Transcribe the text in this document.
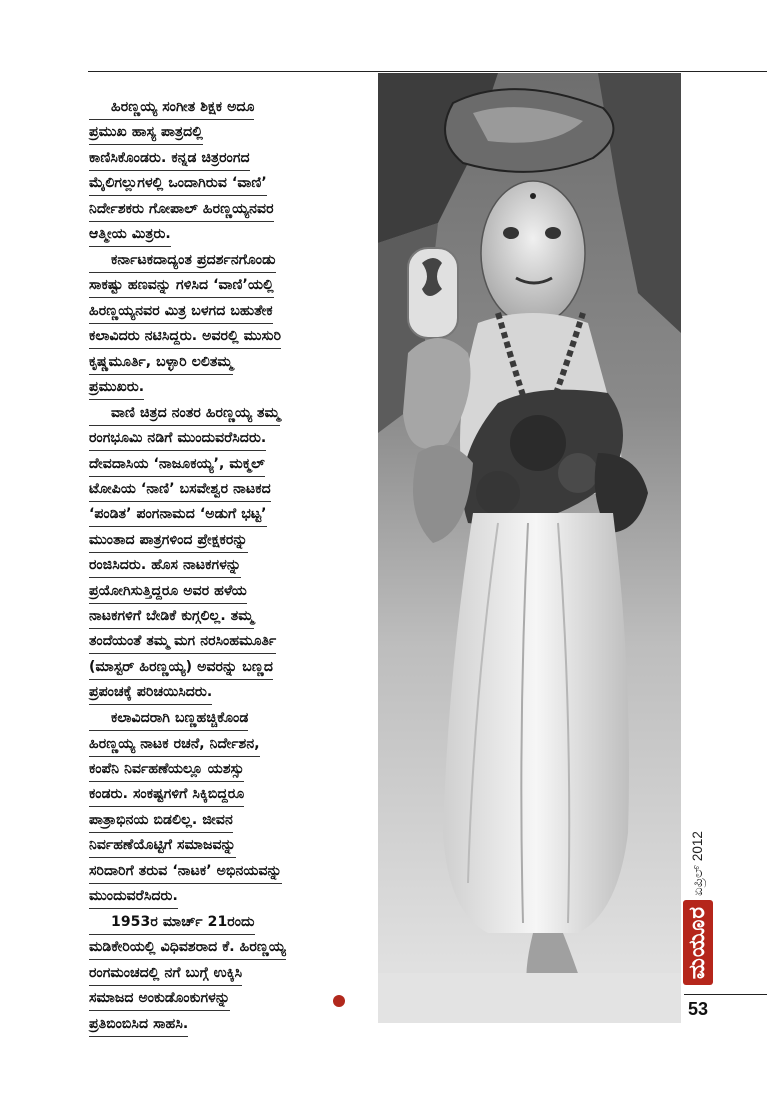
ಹಿರಣ್ಣಯ್ಯ ಸಂಗೀತ ಶಿಕ್ಷಕ ಅದೂ
ಪ್ರಮುಖ ಹಾಸ್ಯ ಪಾತ್ರದಲ್ಲಿ
ಕಾಣಿಸಿಕೊಂಡರು. ಕನ್ನಡ ಚಿತ್ರರಂಗದ
ಮೈಲಿಗಲ್ಲುಗಳಲ್ಲಿ ಒಂದಾಗಿರುವ ‘ವಾಣಿ’
ನಿರ್ದೇಶಕರು ಗೋಪಾಲ್ ಹಿರಣ್ಣಯ್ಯನವರ
ಆತ್ಮೀಯ ಮಿತ್ರರು.

ಕರ್ನಾಟಕದಾದ್ಯಂತ ಪ್ರದರ್ಶನಗೊಂಡು
ಸಾಕಷ್ಟು ಹಣವನ್ನು ಗಳಿಸಿದ ‘ವಾಣಿ’ಯಲ್ಲಿ
ಹಿರಣ್ಣಯ್ಯನವರ ಮಿತ್ರ ಬಳಗದ ಬಹುತೇಕ
ಕಲಾವಿದರು ನಟಿಸಿದ್ದರು. ಅವರಲ್ಲಿ ಮುಸುರಿ
ಕೃಷ್ಣಮೂರ್ತಿ, ಬಳ್ಳಾರಿ ಲಲಿತಮ್ಮ
ಪ್ರಮುಖರು.

ವಾಣಿ ಚಿತ್ರದ ನಂತರ ಹಿರಣ್ಣಯ್ಯ ತಮ್ಮ
ರಂಗಭೂಮಿ ನಡಿಗೆ ಮುಂದುವರೆಸಿದರು.
ದೇವದಾಸಿಯ ‘ನಾಜೂಕಯ್ಯ’, ಮಕ್ಮಲ್
ಟೋಪಿಯ ‘ನಾಣಿ’ ಬಸವೇಶ್ವರ ನಾಟಕದ
‘ಪಂಡಿತ’ ಪಂಗನಾಮದ ‘ಅಡುಗೆ ಭಟ್ಟ’
ಮುಂತಾದ ಪಾತ್ರಗಳಿಂದ ಪ್ರೇಕ್ಷಕರನ್ನು
ರಂಜಿಸಿದರು. ಹೊಸ ನಾಟಕಗಳನ್ನು
ಪ್ರಯೋಗಿಸುತ್ತಿದ್ದರೂ ಅವರ ಹಳೆಯ
ನಾಟಕಗಳಿಗೆ ಬೇಡಿಕೆ ಕುಗ್ಗಲಿಲ್ಲ. ತಮ್ಮ
ತಂದೆಯಂತೆ ತಮ್ಮ ಮಗ ನರಸಿಂಹಮೂರ್ತಿ
(ಮಾಸ್ಟರ್ ಹಿರಣ್ಣಯ್ಯ) ಅವರನ್ನು ಬಣ್ಣದ
ಪ್ರಪಂಚಕ್ಕೆ ಪರಿಚಯಿಸಿದರು.

ಕಲಾವಿದರಾಗಿ ಬಣ್ಣಹಚ್ಚಿಕೊಂಡ
ಹಿರಣ್ಣಯ್ಯ ನಾಟಕ ರಚನೆ, ನಿರ್ದೇಶನ,
ಕಂಪೆನಿ ನಿರ್ವಹಣೆಯಲ್ಲೂ ಯಶಸ್ಸು
ಕಂಡರು. ಸಂಕಷ್ಟಗಳಿಗೆ ಸಿಕ್ಕಿಬಿದ್ದರೂ
ಪಾತ್ರಾಭಿನಯ ಬಿಡಲಿಲ್ಲ. ಜೀವನ
ನಿರ್ವಹಣೆಯೊಟ್ಟಿಗೆ ಸಮಾಜವನ್ನು
ಸರಿದಾರಿಗೆ ತರುವ ‘ನಾಟಕ’ ಅಭಿನಯವನ್ನು
ಮುಂದುವರೆಸಿದರು.

1953ರ ಮಾರ್ಚ್ 21ರಂದು
ಮಡಿಕೇರಿಯಲ್ಲಿ ವಿಧಿವಶರಾದ ಕೆ. ಹಿರಣ್ಣಯ್ಯ
ರಂಗಮಂಚದಲ್ಲಿ ನಗೆ ಬುಗ್ಗೆ ಉಕ್ಕಿಸಿ
ಸಮಾಜದ ಅಂಕುಡೊಂಕುಗಳನ್ನು
ಪ್ರತಿಬಿಂಬಿಸಿದ ಸಾಹಸಿ.

ಏಪ್ರಿಲ್ 2012
ಮಯೂರ
53
